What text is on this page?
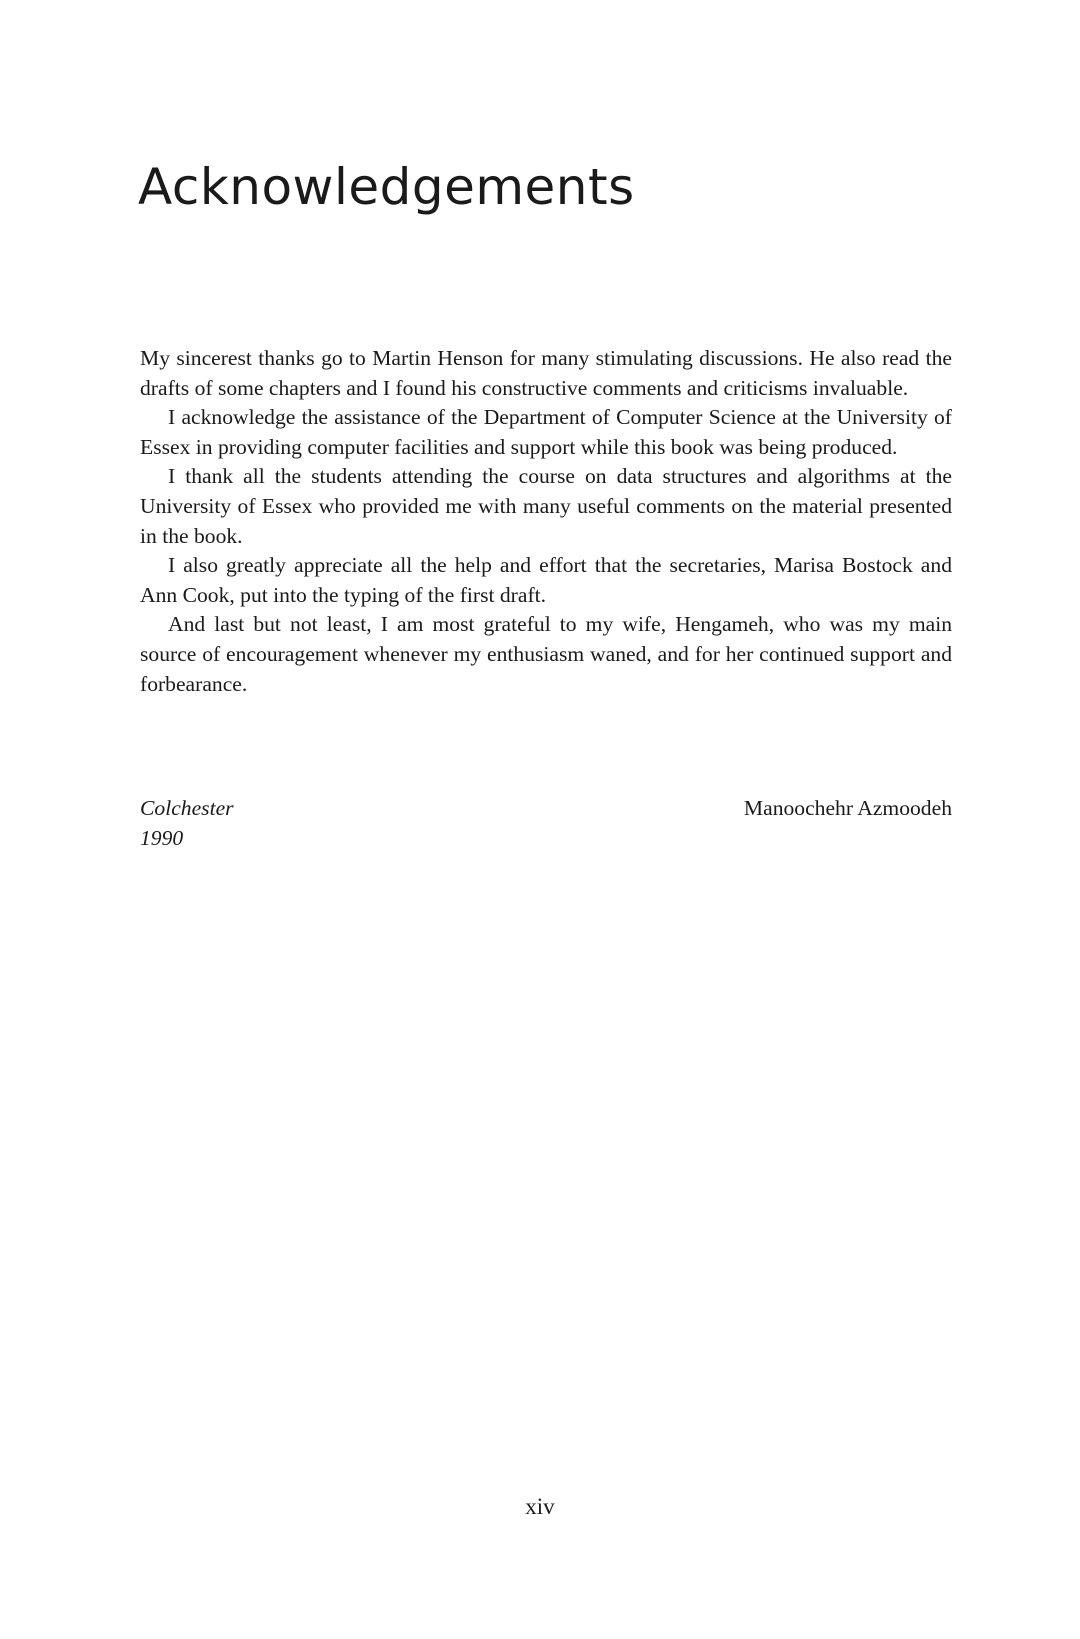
Acknowledgements

My sincerest thanks go to Martin Henson for many stimulating discussions. He also read the drafts of some chapters and I found his constructive comments and criticisms invaluable.

I acknowledge the assistance of the Department of Computer Science at the University of Essex in providing computer facilities and support while this book was being produced.

I thank all the students attending the course on data structures and algorithms at the University of Essex who provided me with many useful comments on the material presented in the book.

I also greatly appreciate all the help and effort that the secretaries, Marisa Bostock and Ann Cook, put into the typing of the first draft.

And last but not least, I am most grateful to my wife, Hengameh, who was my main source of encouragement whenever my enthusiasm waned, and for her continued support and forbearance.

Colchester
1990
Manoochehr Azmoodeh
xiv
